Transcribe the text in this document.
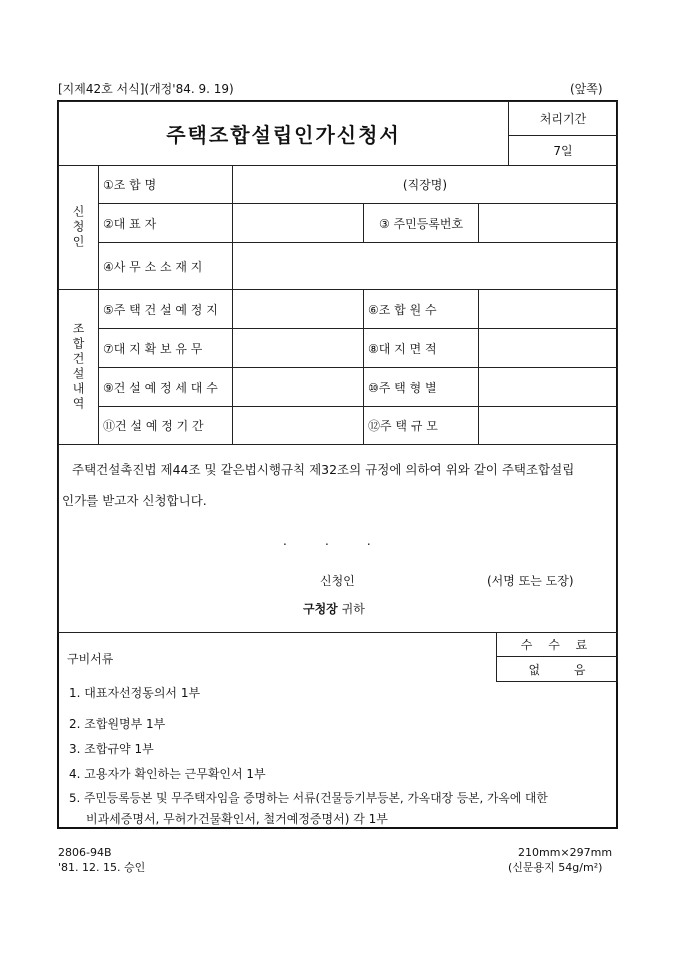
[지제42호 서식](개정'84. 9. 19)	(앞쪽)
주택조합설립인가신청서
처리기간
7일
신청인
①조 합 명	(직장명)
②대 표 자	③ 주민등록번호
④사 무 소 소 재 지
조합건설내역
⑤주 택 건 설 예 정 지	⑥조 합 원 수
⑦대 지 확 보 유 무	⑧대 지 면 적
⑨건 설 예 정 세 대 수	⑩주 택 형 별
⑪건 설 예 정 기 간	⑫주 택 규 모
주택건설촉진법 제44조 및 같은법시행규칙 제32조의 규정에 의하여 위와 같이 주택조합설립
인가를 받고자 신청합니다.
.          .          .
신청인	(서명 또는 도장)
구청장 귀하
구비서류
수 수 료
없 음
1. 대표자선정동의서 1부
2. 조합원명부 1부
3. 조합규약 1부
4. 고용자가 확인하는 근무확인서 1부
5. 주민등록등본 및 무주택자임을 증명하는 서류(건물등기부등본, 가옥대장 등본, 가옥에 대한
비과세증명서, 무허가건물확인서, 철거예정증명서) 각 1부
2806-94B
'81. 12. 15. 승인
210mm×297mm
(신문용지 54g/m²)
